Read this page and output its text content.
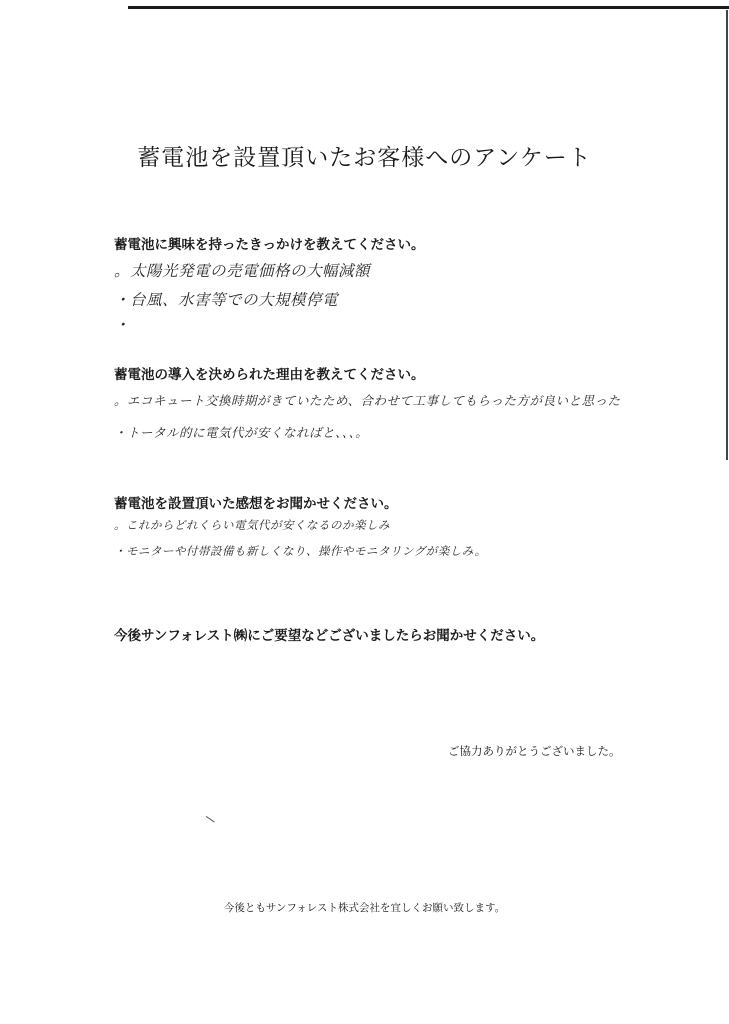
蓄電池を設置頂いたお客様へのアンケート
蓄電池に興味を持ったきっかけを教えてください。
。太陽光発電の売電価格の大幅減額
・台風、水害等での大規模停電
・
蓄電池の導入を決められた理由を教えてください。
。エコキュート交換時期がきていたため、合わせて工事してもらった方が良いと思った
・トータル的に電気代が安くなればと、、、。
蓄電池を設置頂いた感想をお聞かせください。
。これからどれくらい電気代が安くなるのか楽しみ
・モニターや付帯設備も新しくなり、操作やモニタリングが楽しみ。
今後サンフォレスト㈱にご要望などございましたらお聞かせください。
ご協力ありがとうございました。
今後ともサンフォレスト株式会社を宜しくお願い致します。
